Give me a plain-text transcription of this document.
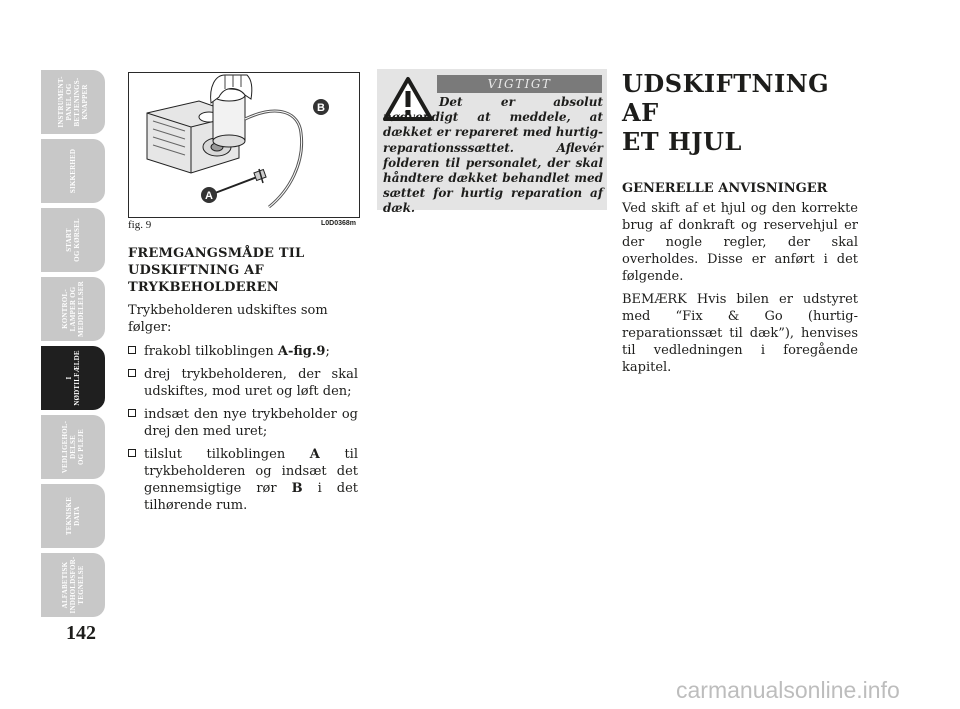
INSTRUMENT-
PANEL OG
BETJENINGS-
KNAPPER
SIKKERHED
START
OG KØRSEL
KONTROL-
LAMPER OG
MEDDELELSER
I
NØDTILFÆLDE
VEDLIGEHOL-
DELSE
OG PLEJE
TEKNISKE
DATA
ALFABETISK
INDHOLDSFOR-
TEGNELSE
142
B
A
fig. 9	L0D0368m
FREMGANGSMÅDE TIL UDSKIFTNING AF TRYKBEHOLDEREN

Trykbeholderen udskiftes som følger:

frakobl tilkoblingen A-fig.9;
drej trykbeholderen, der skal udskiftes, mod uret og løft den;
indsæt den nye trykbeholder og drej den med uret;
tilslut tilkoblingen A til trykbeholderen og indsæt det gennemsigtige rør B i det tilhørende rum.
VIGTIGT
Det er absolut nødvendigt at meddele, at dækket er repareret med hurtig-reparationsssættet. Aflevér folderen til personalet, der skal håndtere dækket behandlet med sættet for hurtig reparation af dæk.
UDSKIFTNING AF
ET HJUL
GENERELLE ANVISNINGER

Ved skift af et hjul og den korrekte brug af donkraft og reservehjul er der nogle regler, der skal overholdes. Disse er anført i det følgende.

BEMÆRK Hvis bilen er udstyret med “Fix & Go (hurtig-reparationssæt til dæk”), henvises til vedledningen i foregående kapitel.

carmanualsonline.info
